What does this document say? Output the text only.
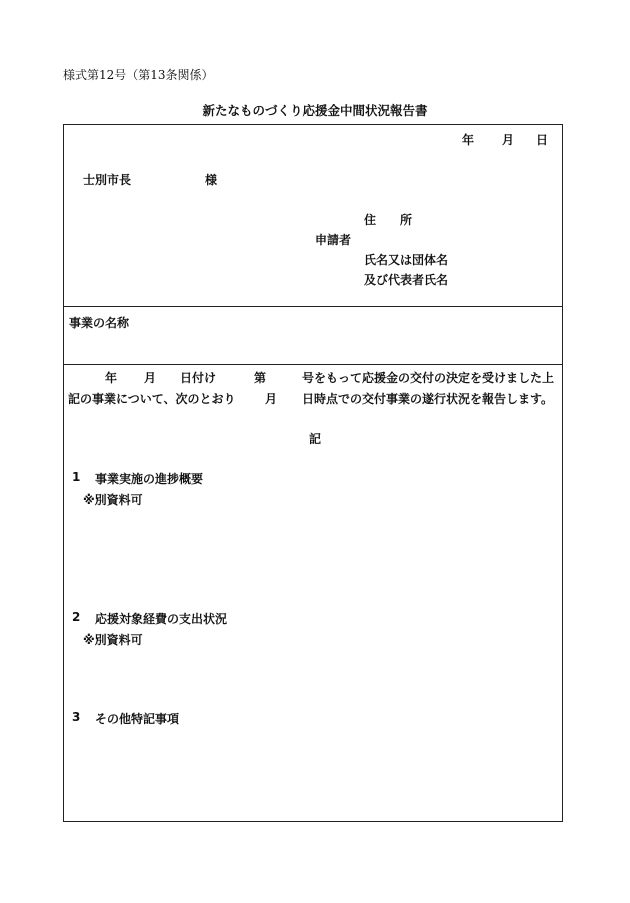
様式第12号（第13条関係）
新たなものづくり応援金中間状況報告書
年 月 日
士別市長	様
住　　所
申請者
氏名又は団体名
及び代表者氏名
事業の名称
年 月 日付け	第	号をもって応援金の交付の決定を受けました上
記の事業について、次のとおり 月 日時点での交付事業の遂行状況を報告します。
記
1 事業実施の進捗概要
※別資料可
2 応援対象経費の支出状況
※別資料可
3 その他特記事項
